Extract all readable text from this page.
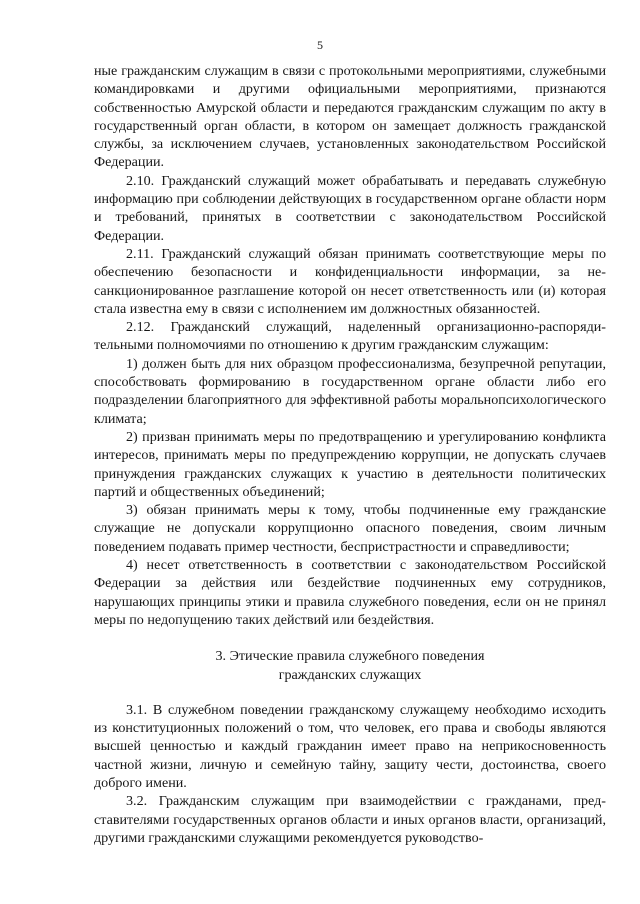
5

ные гражданским служащим в связи с протокольными мероприятиями, служебными командировками и другими официальными мероприятиями, признаются собственностью Амурской области и передаются гражданским служащим по акту в государственный орган области, в котором он замещает должность гражданской службы, за исключением случаев, установленных законодательством Российской Федерации.

2.10. Гражданский служащий может обрабатывать и передавать служебную информацию при соблюдении действующих в государственном органе области норм и требований, принятых в соответствии с законодательством Российской Федерации.

2.11. Гражданский служащий обязан принимать соответствующие меры по обеспечению безопасности и конфиденциальности информации, за несанкционированное разглашение которой он несет ответственность или (и) которая стала известна ему в связи с исполнением им должностных обязанностей.

2.12. Гражданский служащий, наделенный организационно-распорядительными полномочиями по отношению к другим гражданским служащим:

1) должен быть для них образцом профессионализма, безупречной репутации, способствовать формированию в государственном органе области либо его подразделении благоприятного для эффективной работы моральнопсихологического климата;

2) призван принимать меры по предотвращению и урегулированию конфликта интересов, принимать меры по предупреждению коррупции, не допускать случаев принуждения гражданских служащих к участию в деятельности политических партий и общественных объединений;

3) обязан принимать меры к тому, чтобы подчиненные ему гражданские служащие не допускали коррупционно опасного поведения, своим личным поведением подавать пример честности, беспристрастности и справедливости;

4) несет ответственность в соответствии с законодательством Российской Федерации за действия или бездействие подчиненных ему сотрудников, нарушающих принципы этики и правила служебного поведения, если он не принял меры по недопущению таких действий или бездействия.

3. Этические правила служебного поведения

гражданских служащих

3.1. В служебном поведении гражданскому служащему необходимо исходить из конституционных положений о том, что человек, его права и свободы являются высшей ценностью и каждый гражданин имеет право на неприкосновенность частной жизни, личную и семейную тайну, защиту чести, достоинства, своего доброго имени.

3.2. Гражданским служащим при взаимодействии с гражданами, представителями государственных органов области и иных органов власти, организаций, другими гражданскими служащими рекомендуется руководство-
